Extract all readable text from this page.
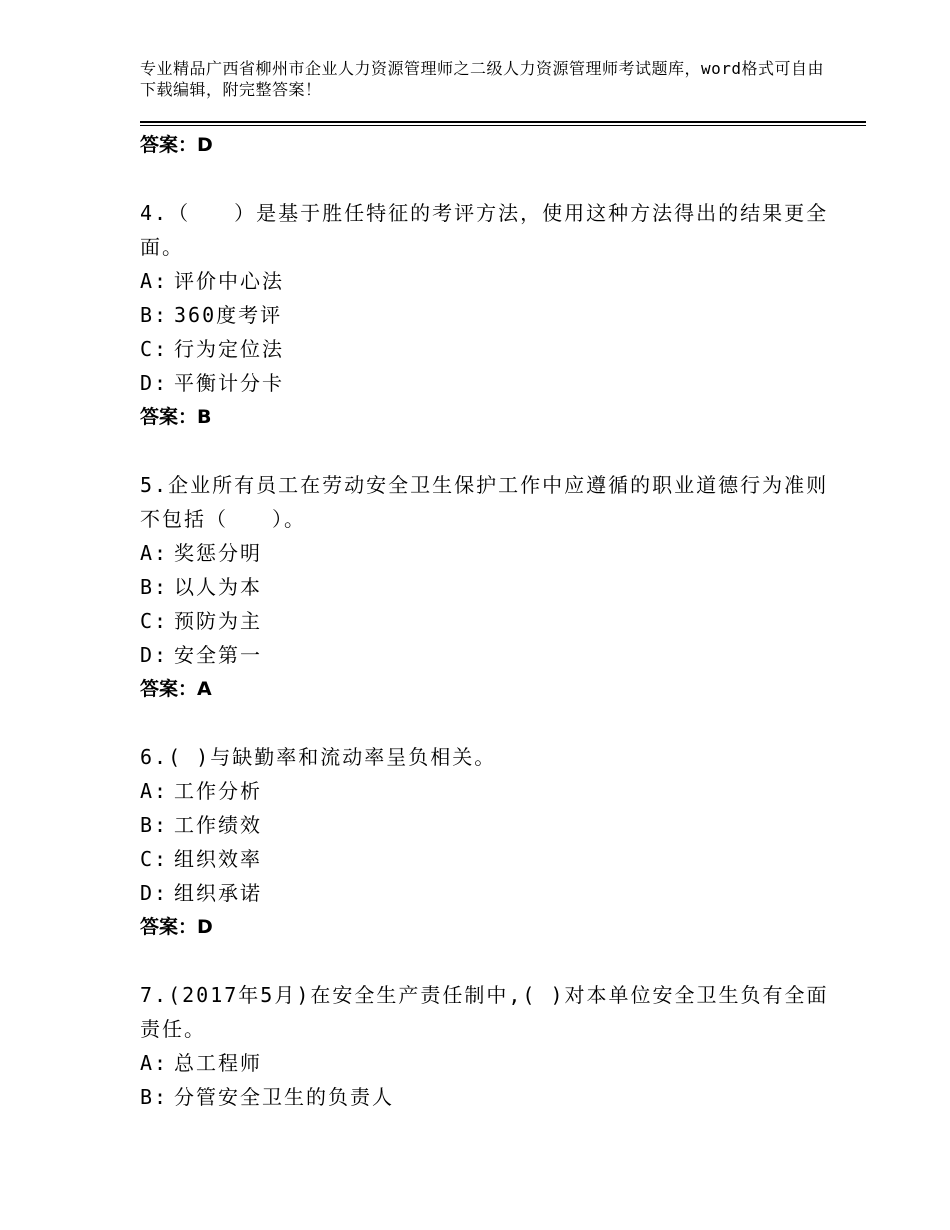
专业精品广西省柳州市企业人力资源管理师之二级人力资源管理师考试题库，word格式可自由下载编辑，附完整答案！
答案：D
4.（　　）是基于胜任特征的考评方法，使用这种方法得出的结果更全面。
A: 评价中心法
B: 360度考评
C: 行为定位法
D: 平衡计分卡
答案：B
5.企业所有员工在劳动安全卫生保护工作中应遵循的职业道德行为准则不包括（　　）。
A: 奖惩分明
B: 以人为本
C: 预防为主
D: 安全第一
答案：A
6.( )与缺勤率和流动率呈负相关。
A: 工作分析
B: 工作绩效
C: 组织效率
D: 组织承诺
答案：D
7.(2017年5月)在安全生产责任制中,( )对本单位安全卫生负有全面责任。
A: 总工程师
B: 分管安全卫生的负责人
